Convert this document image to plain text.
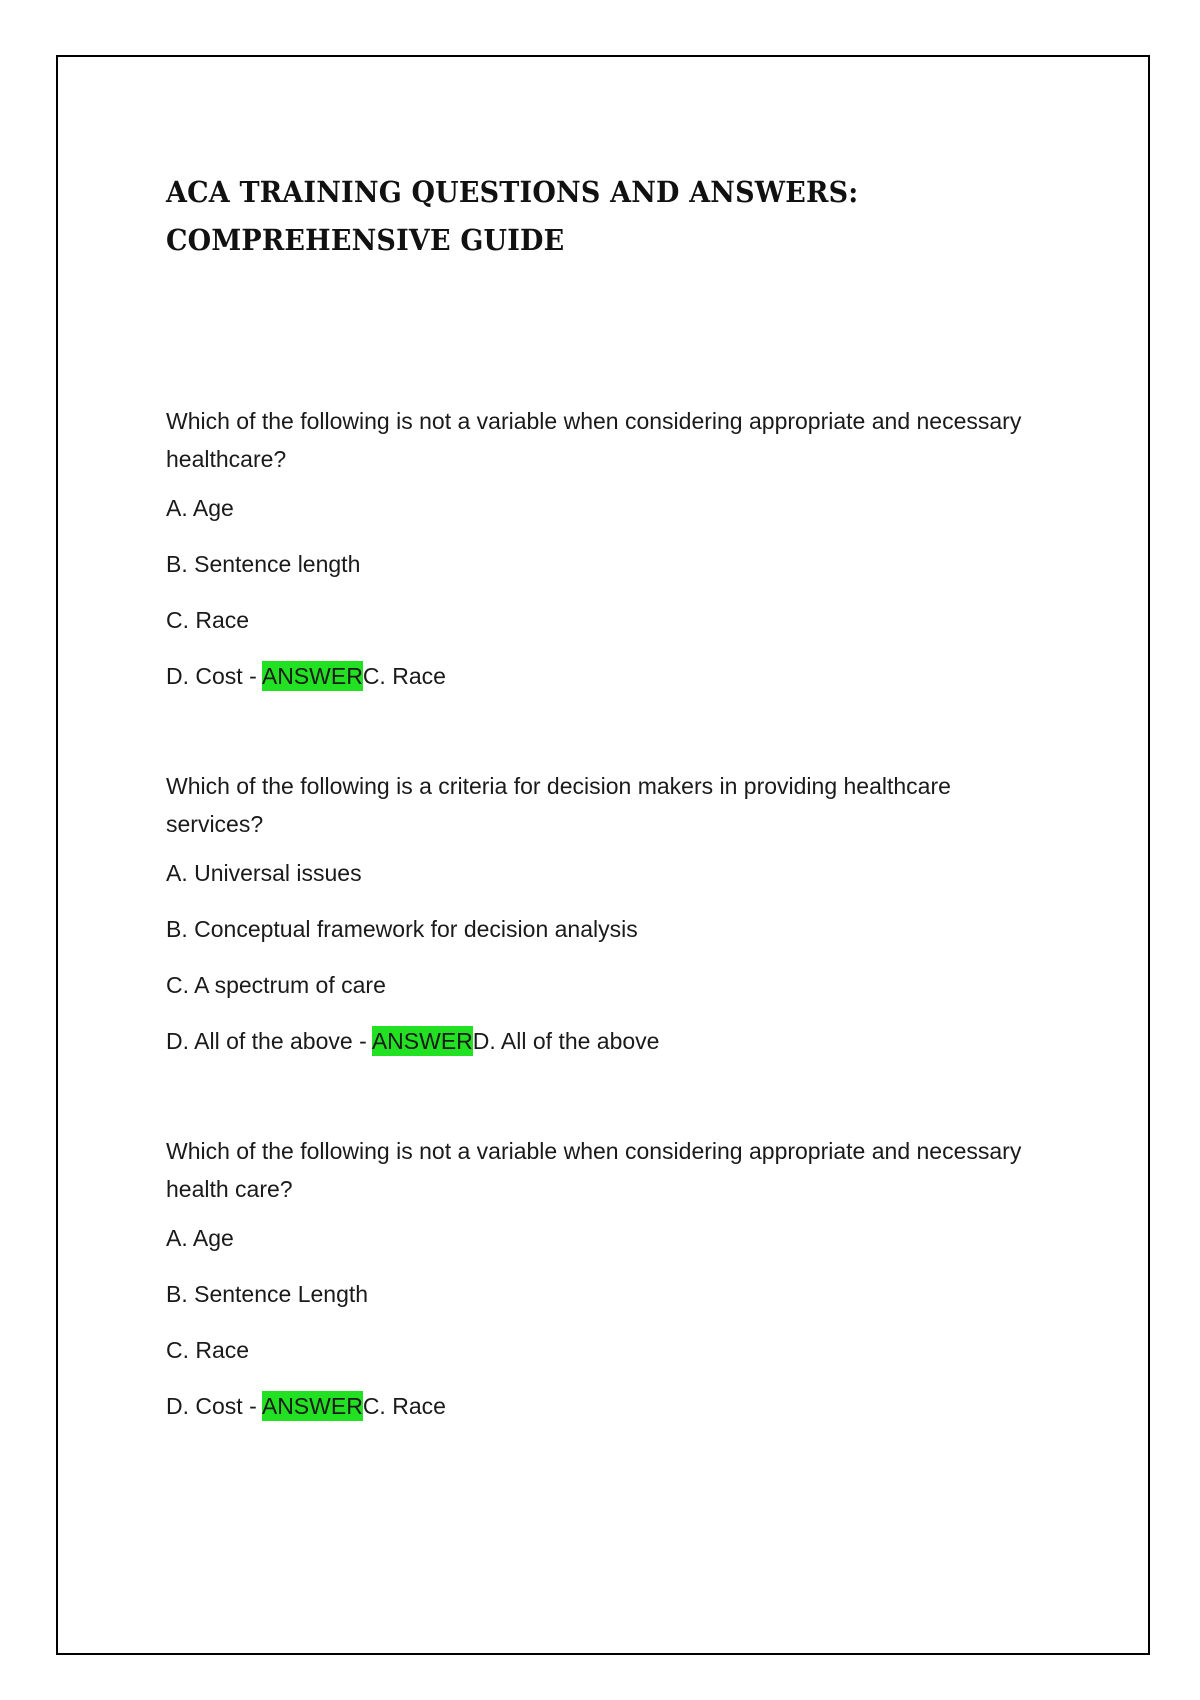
ACA TRAINING QUESTIONS AND ANSWERS:
COMPREHENSIVE GUIDE

Which of the following is not a variable when considering appropriate and necessary healthcare?

A. Age
B. Sentence length
C. Race
D. Cost - ANSWERC. Race

Which of the following is a criteria for decision makers in providing healthcare services?

A. Universal issues
B. Conceptual framework for decision analysis
C. A spectrum of care
D. All of the above - ANSWERD. All of the above

Which of the following is not a variable when considering appropriate and necessary health care?

A. Age
B. Sentence Length
C. Race
D. Cost - ANSWERC. Race
